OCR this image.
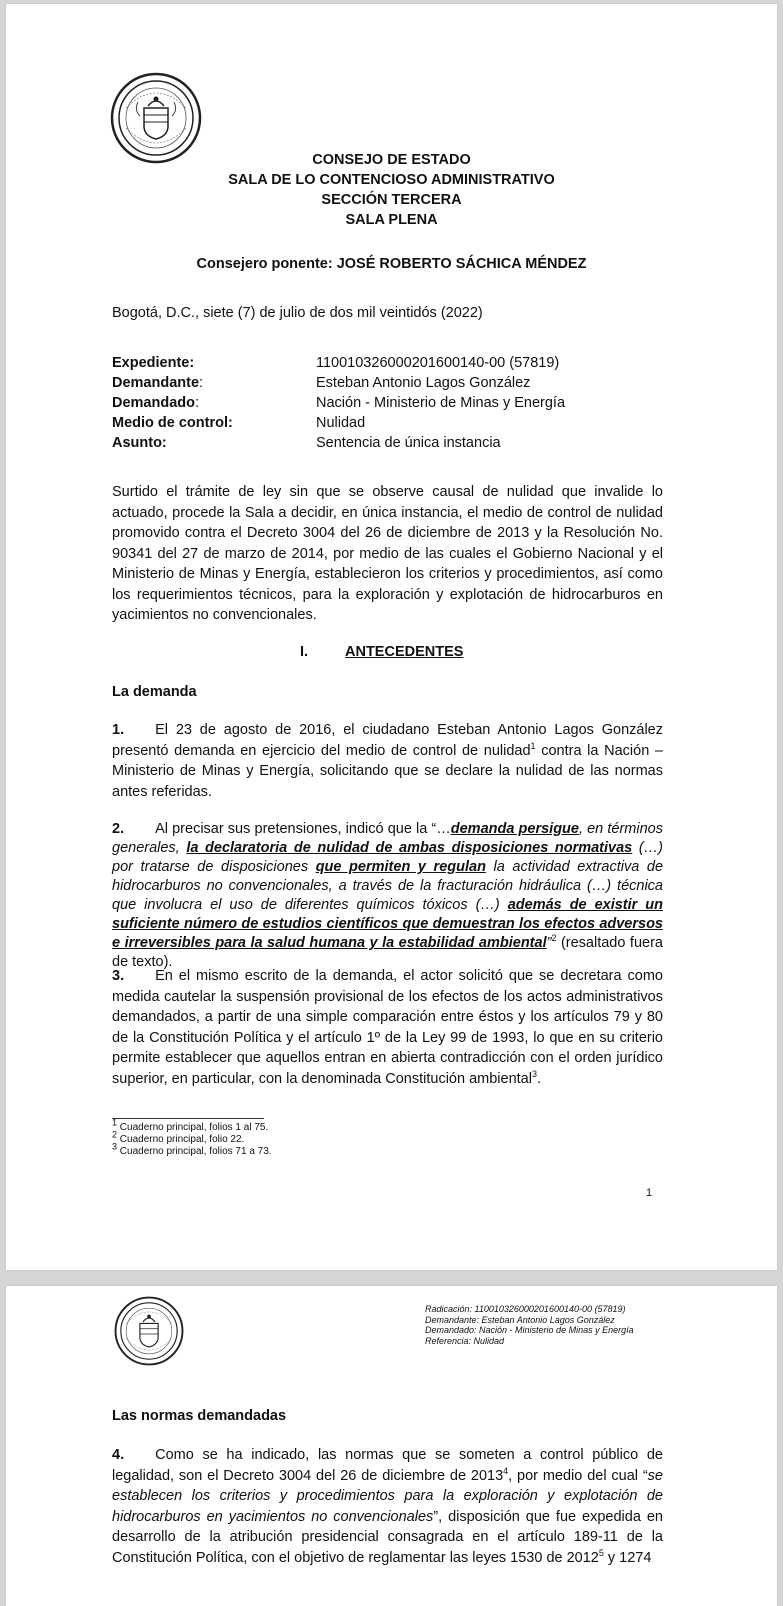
CONSEJO DE ESTADO
SALA DE LO CONTENCIOSO ADMINISTRATIVO
SECCIÓN TERCERA
SALA PLENA
Consejero ponente: JOSÉ ROBERTO SÁCHICA MÉNDEZ
Bogotá, D.C., siete (7) de julio de dos mil veintidós (2022)
Expediente:	110010326000201600140-00 (57819)
Demandante:	Esteban Antonio Lagos González
Demandado:	Nación - Ministerio de Minas y Energía
Medio de control:	Nulidad
Asunto:	Sentencia de única instancia
Surtido el trámite de ley sin que se observe causal de nulidad que invalide lo actuado, procede la Sala a decidir, en única instancia, el medio de control de nulidad promovido contra el Decreto 3004 del 26 de diciembre de 2013 y la Resolución No. 90341 del 27 de marzo de 2014, por medio de las cuales el Gobierno Nacional y el Ministerio de Minas y Energía, establecieron los criterios y procedimientos, así como los requerimientos técnicos, para la exploración y explotación de hidrocarburos en yacimientos no convencionales.
I.	ANTECEDENTES
La demanda
1. El 23 de agosto de 2016, el ciudadano Esteban Antonio Lagos González presentó demanda en ejercicio del medio de control de nulidad$^1$ contra la Nación – Ministerio de Minas y Energía, solicitando que se declare la nulidad de las normas antes referidas.
2. Al precisar sus pretensiones, indicó que la “…demanda persigue, en términos generales, la declaratoria de nulidad de ambas disposiciones normativas (…) por tratarse de disposiciones que permiten y regulan la actividad extractiva de hidrocarburos no convencionales, a través de la fracturación hidráulica (…) técnica que involucra el uso de diferentes químicos tóxicos (…) además de existir un suficiente número de estudios científicos que demuestran los efectos adversos e irreversibles para la salud humana y la estabilidad ambiental”$^2$ (resaltado fuera de texto).
3. En el mismo escrito de la demanda, el actor solicitó que se decretara como medida cautelar la suspensión provisional de los efectos de los actos administrativos demandados, a partir de una simple comparación entre éstos y los artículos 79 y 80 de la Constitución Política y el artículo 1º de la Ley 99 de 1993, lo que en su criterio permite establecer que aquellos entran en abierta contradicción con el orden jurídico superior, en particular, con la denominada Constitución ambiental$^3$.
$^1$ Cuaderno principal, folios 1 al 75.
$^2$ Cuaderno principal, folio 22.
$^3$ Cuaderno principal, folios 71 a 73.
1
Radicación: 110010326000201600140-00 (57819)
Demandante: Esteban Antonio Lagos González
Demandado: Nación - Ministerio de Minas y Energía
Referencia: Nulidad
Las normas demandadas
4. Como se ha indicado, las normas que se someten a control público de legalidad, son el Decreto 3004 del 26 de diciembre de 2013$^4$, por medio del cual “se establecen los criterios y procedimientos para la exploración y explotación de hidrocarburos en yacimientos no convencionales”, disposición que fue expedida en desarrollo de la atribución presidencial consagrada en el artículo 189-11 de la Constitución Política, con el objetivo de reglamentar las leyes 1530 de 2012$^5$ y 1274
